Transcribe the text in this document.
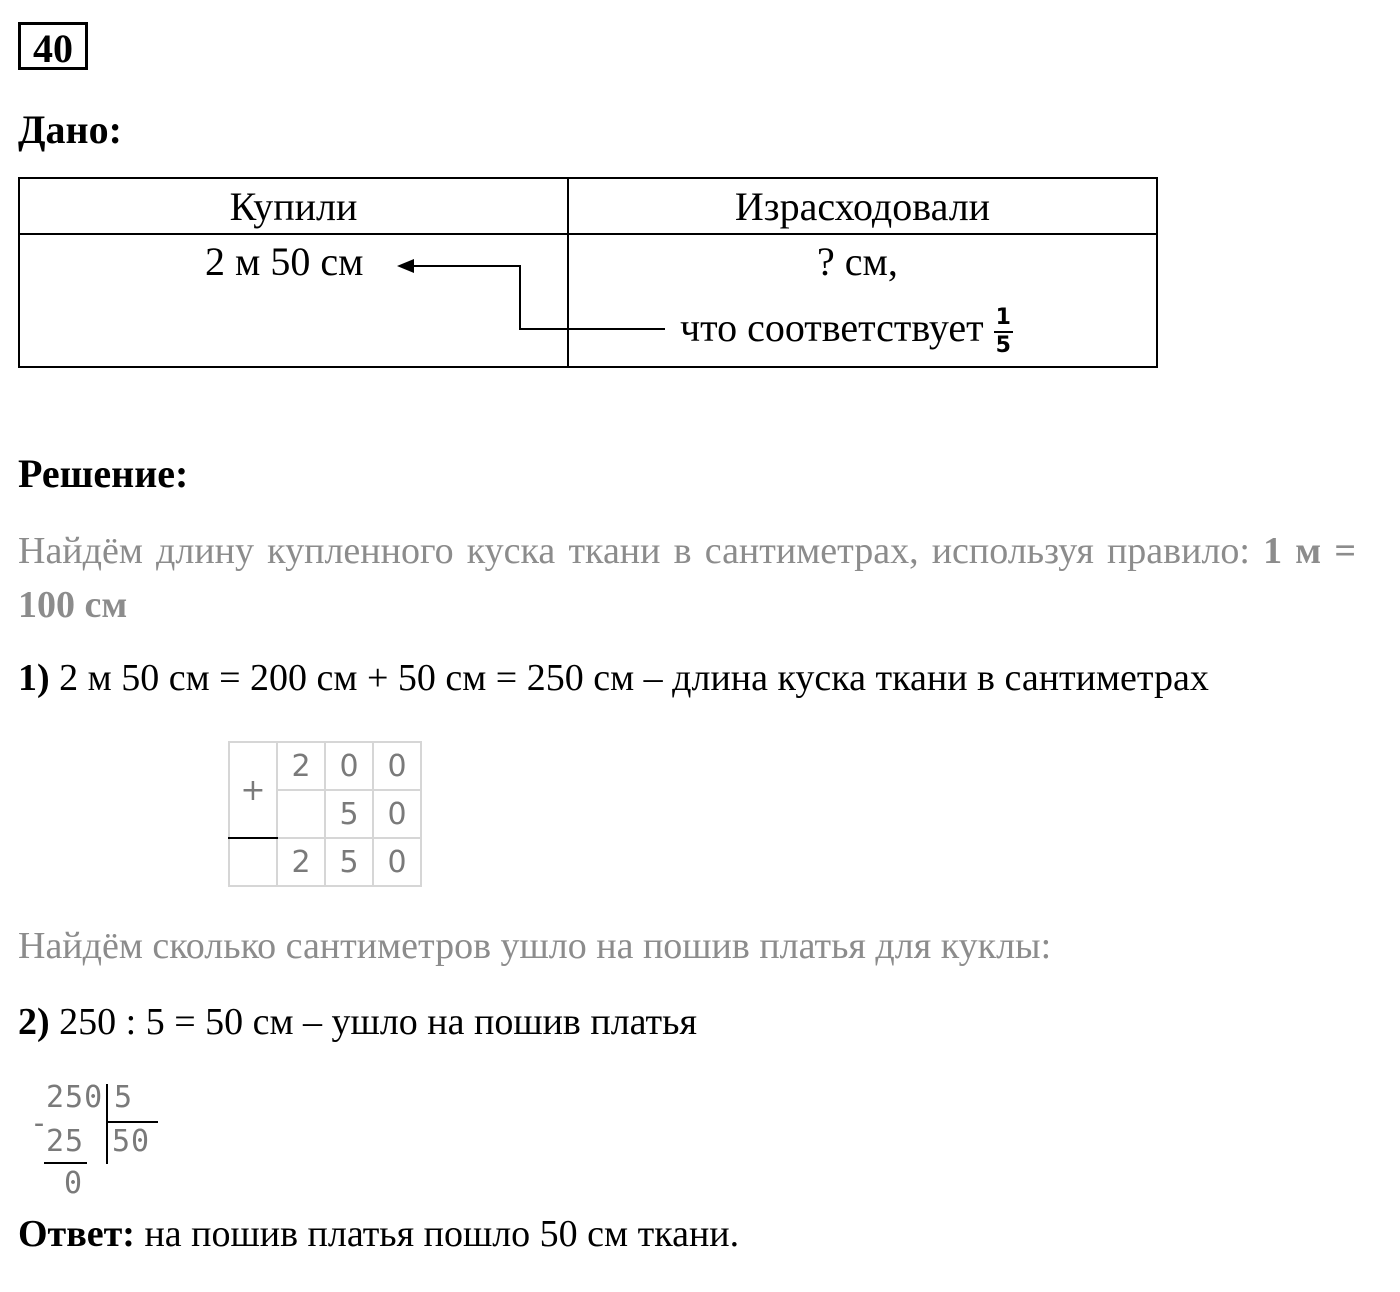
40
Дано:
Купили	Израсходовали

2 м 50 см	? см,
что соответствует $\frac{1}{5}$
Решение:
Найдём длину купленного куска ткани в сантиметрах, используя правило: 1 м = 100 см
1) 2 м 50 см = 200 см + 50 см = 250 см – длина куска ткани в сантиметрах
+	2	0	0
		5	0
	2	5	0
Найдём сколько сантиметров ушло на пошив платья для куклы:
2) 250 : 5 = 50 см – ушло на пошив платья
250 5
-
25 50
0
Ответ: на пошив платья пошло 50 см ткани.
